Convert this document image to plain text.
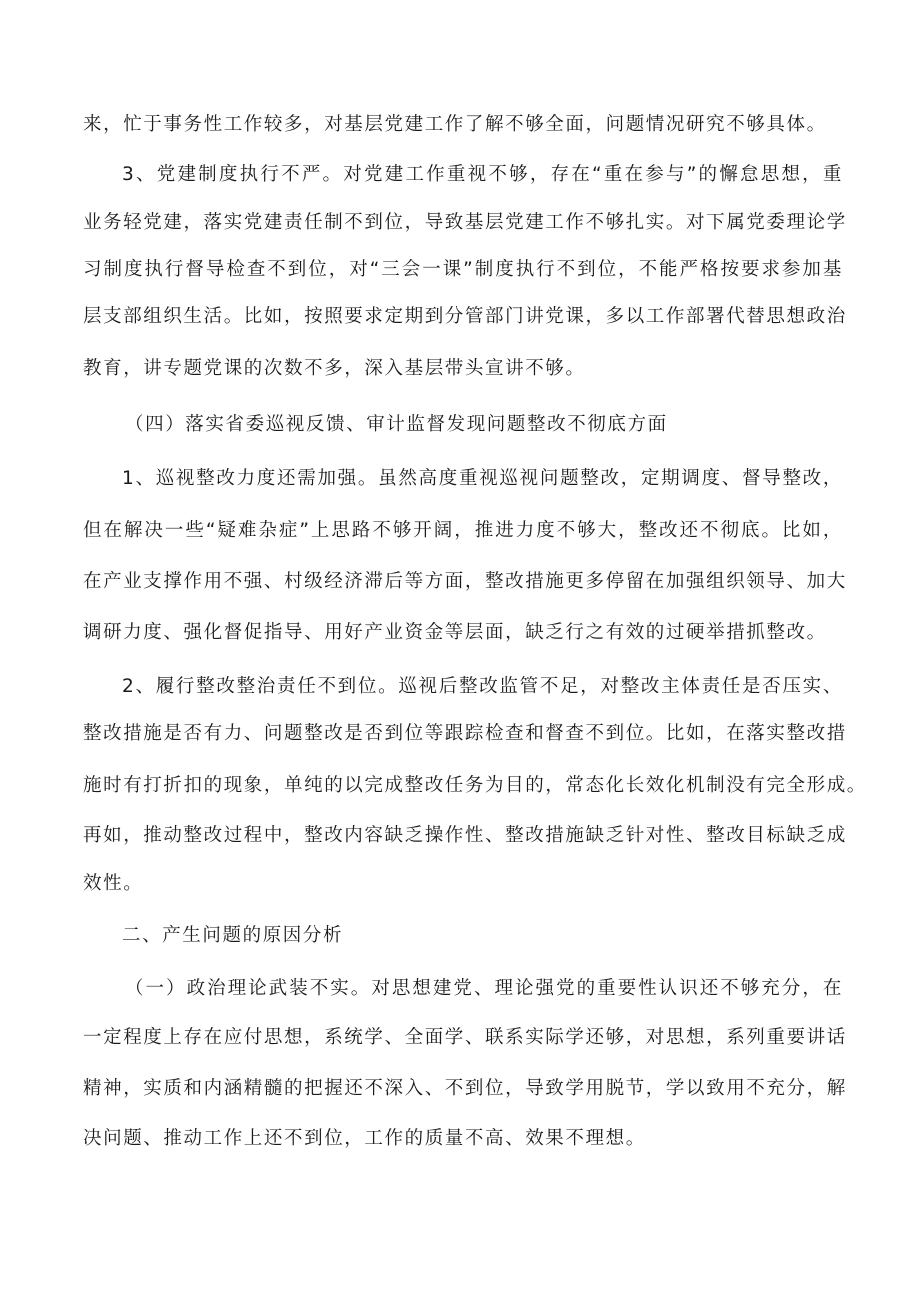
来，忙于事务性工作较多，对基层党建工作了解不够全面，问题情况研究不够具体。
3、党建制度执行不严。对党建工作重视不够，存在“重在参与”的懈怠思想，重
业务轻党建，落实党建责任制不到位，导致基层党建工作不够扎实。对下属党委理论学
习制度执行督导检查不到位，对“三会一课”制度执行不到位，不能严格按要求参加基
层支部组织生活。比如，按照要求定期到分管部门讲党课，多以工作部署代替思想政治
教育，讲专题党课的次数不多，深入基层带头宣讲不够。
（四）落实省委巡视反馈、审计监督发现问题整改不彻底方面
1、巡视整改力度还需加强。虽然高度重视巡视问题整改，定期调度、督导整改，
但在解决一些“疑难杂症”上思路不够开阔，推进力度不够大，整改还不彻底。比如，
在产业支撑作用不强、村级经济滞后等方面，整改措施更多停留在加强组织领导、加大
调研力度、强化督促指导、用好产业资金等层面，缺乏行之有效的过硬举措抓整改。
2、履行整改整治责任不到位。巡视后整改监管不足，对整改主体责任是否压实、
整改措施是否有力、问题整改是否到位等跟踪检查和督查不到位。比如，在落实整改措
施时有打折扣的现象，单纯的以完成整改任务为目的，常态化长效化机制没有完全形成。
再如，推动整改过程中，整改内容缺乏操作性、整改措施缺乏针对性、整改目标缺乏成
效性。
二、产生问题的原因分析
（一）政治理论武装不实。对思想建党、理论强党的重要性认识还不够充分，在
一定程度上存在应付思想，系统学、全面学、联系实际学还够，对思想，系列重要讲话
精神，实质和内涵精髓的把握还不深入、不到位，导致学用脱节，学以致用不充分，解
决问题、推动工作上还不到位，工作的质量不高、效果不理想。
